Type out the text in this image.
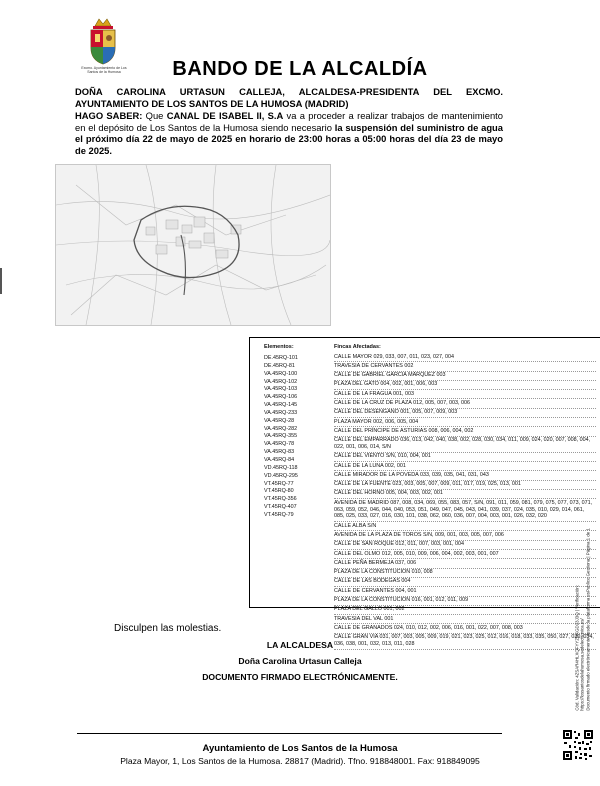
Excmo. Ayuntamiento de Los Santos de la Humosa	BANDO DE LA ALCALDÍA
DOÑA CAROLINA URTASUN CALLEJA, ALCALDESA-PRESIDENTA DEL EXCMO. AYUNTAMIENTO DE LOS SANTOS DE LA HUMOSA (MADRID)
HAGO SABER: Que CANAL DE ISABEL II, S.A va a proceder a realizar trabajos de mantenimiento en el depósito de Los Santos de la Humosa siendo necesario la suspensión del suministro de agua el próximo día 22 de mayo de 2025 en horario de 23:00 horas a 05:00 horas del día 23 de mayo de 2025.
Elementos:	Fincas Afectadas:
DE.45RQ-101
DE.45RQ-81
VA.45RQ-100
VA.45RQ-102
VA.45RQ-103
VA.45RQ-106
VA.45RQ-145
VA.45RQ-233
VA.45RQ-28
VA.45RQ-282
VA.45RQ-355
VA.45RQ-78
VA.45RQ-83
VA.45RQ-84
VD.45RQ-118
VD.45RQ-295
VT.45RQ-77
VT.45RQ-80
VT.45RQ-356
VT.45RQ-407
VT.45RQ-79
CALLE MAYOR 029, 033, 007, 011, 023, 027, 004
TRAVESIA DE CERVANTES 002
CALLE DE GABRIEL GARCÍA MARQUEZ 003
PLAZA DEL GATO 004, 002, 001, 006, 003
CALLE DE LA FRAGUA 001, 003
CALLE DE LA CRUZ DE PLAZA 012, 005, 007, 003, 006
CALLE DEL DESENGAÑO 001, 005, 007, 009, 003
PLAZA MAYOR 002, 006, 005, 004
CALLE DEL PRÍNCIPE DE ASTURIAS 008, 006, 004, 002
CALLE DEL EMPARRADO 036, 013, 042, 040, 038, 002, 028, 030, 034, 011, 009, 024, 020, 007, 008, 004, 022, 001, 006, 014, S/N
CALLE DEL VIENTO S/N, 010, 004, 001
CALLE DE LA LUNA 002, 001
CALLE MIRADOR DE LA POVEDA 033, 039, 035, 041, 031, 043
CALLE DE LA FUENTE 023, 003, 005, 007, 009, 011, 017, 019, 025, 013, 001
CALLE DEL HORNO 005, 004, 003, 002, 001
AVENIDA DE MADRID 087, 008, 034, 069, 055, 083, 057, S/N, 091, 011, 059, 081, 079, 075, 077, 073, 071, 063, 059, 052, 046, 044, 040, 053, 051, 049, 047, 045, 043, 041, 039, 037, 024, 035, 010, 029, 014, 061, 085, 025, 033, 027, 016, 030, 101, 038, 062, 060, 036, 007, 004, 003, 001, 026, 032, 020
CALLE ALBA S/N
AVENIDA DE LA PLAZA DE TOROS S/N, 009, 001, 003, 005, 007, 006
CALLE DE SAN ROQUE 012, 011, 007, 003, 001, 004
CALLE DEL OLMO 012, 005, 010, 009, 006, 004, 002, 003, 001, 007
CALLE PEÑA BERMEJA 037, 006
PLAZA DE LA CONSTITUCIÓN 010, 008
CALLE DE LAS BODEGAS 004
CALLE DE CERVANTES 004, 001
PLAZA DE LA CONSTITUCIÓN 016, 001, 012, 011, 009
PLAZA DEL GALLO 001, 002
TRAVESIA DEL VAL 001
CALLE DE GRANADOS 024, 010, 012, 002, 006, 016, 001, 022, 007, 008, 003
CALLE GRAN VÍA 031, 007, 003, 005, 009, 019, 021, 023, 025, 012, 016, 018, 033, 035, 050, 027, 030, 034, 036, 038, 001, 032, 013, 011, 028
Disculpen las molestias.
LA ALCALDESA
Doña Carolina Urtasun Calleja
DOCUMENTO FIRMADO ELECTRÓNICAMENTE.
Ayuntamiento de Los Santos de la Humosa
Plaza Mayor, 1, Los Santos de la Humosa. 28817 (Madrid). Tfno. 918848001. Fax: 918849095
Cód. Validación: 4ZSAR4HLXQFYYZDKGD23J3Q | Verificación: https://lossantosdelahumosa.sedelectronica.es/ Documento firmado electrónicamente desde la plataforma esPublico Gestiona | Página 1 de 1
